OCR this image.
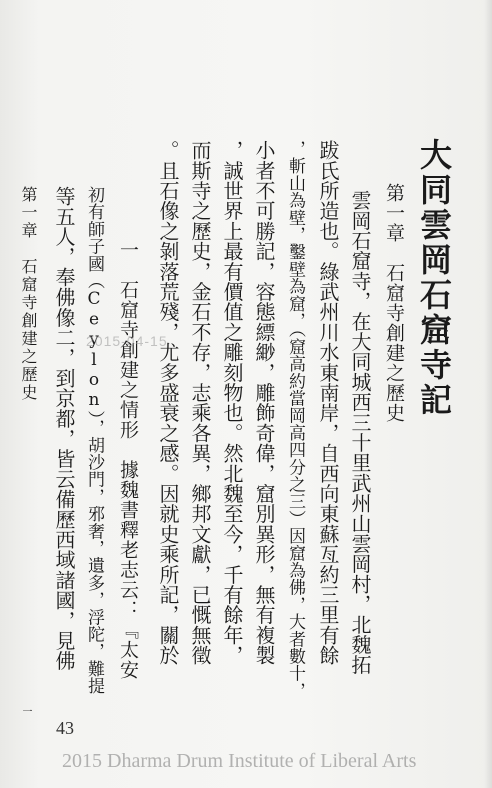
大同雲岡石窟寺記
第一章　石窟寺創建之歷史
雲岡石窟寺，在大同城西三十里武州山雲岡村，北魏拓
跋氏所造也。綠武州川水東南岸，自西向東蘇亙約三里有餘
，斬山為壁，鑿壁為窟，（窟高約當岡高四分之三）因窟為佛，大者數十，
小者不可勝記，容態縹緲，雕飾奇偉，窟別異形，無有複製
，誠世界上最有價值之雕刻物也。然北魏至今，千有餘年，
而斯寺之歷史，金石不存，志乘各異，鄉邦文獻，已慨無徵
。且石像之剝落荒殘，尤多盛衰之感。因就史乘所記，關於
一　石窟寺創建之情形　據魏書釋老志云：『太安
初有師子國（Ceylon），胡沙門，邪奢，遺多，浮陀，難提
等五人，奉佛像二，到京都，皆云備歷西域諸國，見佛
第一章　石窟寺創建之歷史
一
2015-04-15
43
2015 Dharma Drum Institute of Liberal Arts
